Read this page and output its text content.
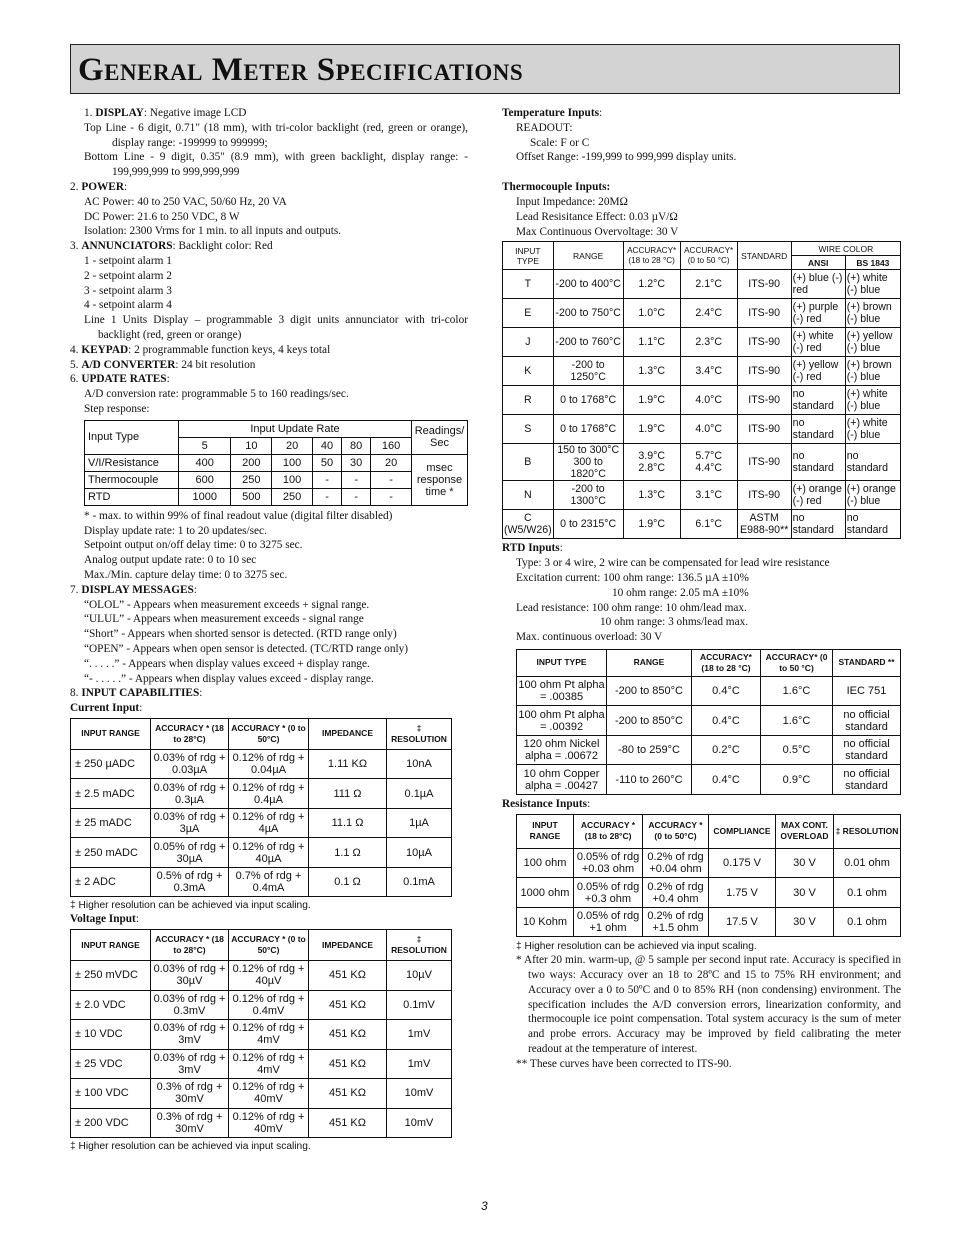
General Meter Specifications
1. DISPLAY: Negative image LCD
Top Line - 6 digit, 0.71" (18 mm), with tri-color backlight (red, green or orange), display range: -199999 to 999999;
Bottom Line - 9 digit, 0.35" (8.9 mm), with green backlight, display range: - 199,999,999 to 999,999,999
2. POWER:
AC Power: 40 to 250 VAC, 50/60 Hz, 20 VA
DC Power: 21.6 to 250 VDC, 8 W
Isolation: 2300 Vrms for 1 min. to all inputs and outputs.
3. ANNUNCIATORS: Backlight color: Red
1 - setpoint alarm 1
2 - setpoint alarm 2
3 - setpoint alarm 3
4 - setpoint alarm 4
Line 1 Units Display – programmable 3 digit units annunciator with tri-color backlight (red, green or orange)
4. KEYPAD: 2 programmable function keys, 4 keys total
5. A/D CONVERTER: 24 bit resolution
6. UPDATE RATES:
A/D conversion rate: programmable 5 to 160 readings/sec.
Step response:
Input Type	Input Update Rate						Readings/ Sec
	5	10	20	40	80	160	
V/I/Resistance	400	200	100	50	30	20	msec response time *
Thermocouple	600	250	100	-	-	-	
RTD	1000	500	250	-	-	-	
* - max. to within 99% of final readout value (digital filter disabled)
Display update rate: 1 to 20 updates/sec.
Setpoint output on/off delay time: 0 to 3275 sec.
Analog output update rate: 0 to 10 sec
Max./Min. capture delay time: 0 to 3275 sec.
7. DISPLAY MESSAGES:
“OLOL” - Appears when measurement exceeds + signal range.
“ULUL” - Appears when measurement exceeds - signal range
“Short” - Appears when shorted sensor is detected. (RTD range only)
“OPEN” - Appears when open sensor is detected. (TC/RTD range only)
“. . . . .” - Appears when display values exceed + display range.
“- . . . . .” - Appears when display values exceed - display range.
8. INPUT CAPABILITIES:
Current Input:
INPUT RANGE	ACCURACY * (18 to 28°C)	ACCURACY * (0 to 50°C)	IMPEDANCE	‡ RESOLUTION
± 250 µADC	0.03% of rdg + 0.03µA	0.12% of rdg + 0.04µA	1.11 KΩ	10nA
± 2.5 mADC	0.03% of rdg + 0.3µA	0.12% of rdg + 0.4µA	111 Ω	0.1µA
± 25 mADC	0.03% of rdg + 3µA	0.12% of rdg + 4µA	11.1 Ω	1µA
± 250 mADC	0.05% of rdg + 30µA	0.12% of rdg + 40µA	1.1 Ω	10µA
± 2 ADC	0.5% of rdg + 0.3mA	0.7% of rdg + 0.4mA	0.1 Ω	0.1mA
‡ Higher resolution can be achieved via input scaling.
Voltage Input:
INPUT RANGE	ACCURACY * (18 to 28°C)	ACCURACY * (0 to 50°C)	IMPEDANCE	‡ RESOLUTION
± 250 mVDC	0.03% of rdg + 30µV	0.12% of rdg + 40µV	451 KΩ	10µV
± 2.0 VDC	0.03% of rdg + 0.3mV	0.12% of rdg + 0.4mV	451 KΩ	0.1mV
± 10 VDC	0.03% of rdg + 3mV	0.12% of rdg + 4mV	451 KΩ	1mV
± 25 VDC	0.03% of rdg + 3mV	0.12% of rdg + 4mV	451 KΩ	1mV
± 100 VDC	0.3% of rdg + 30mV	0.12% of rdg + 40mV	451 KΩ	10mV
± 200 VDC	0.3% of rdg + 30mV	0.12% of rdg + 40mV	451 KΩ	10mV
‡ Higher resolution can be achieved via input scaling.
Temperature Inputs:
READOUT:
Scale: F or C
Offset Range: -199,999 to 999,999 display units.
Thermocouple Inputs:
Input Impedance: 20MΩ
Lead Resisitance Effect: 0.03 µV/Ω
Max Continuous Overvoltage: 30 V
INPUT TYPE	RANGE	ACCURACY* (18 to 28 °C)	ACCURACY* (0 to 50 °C)	STANDARD	WIRE COLOR	
					ANSI	BS 1843
T	-200 to 400°C	1.2°C	2.1°C	ITS-90	(+) blue (-) red	(+) white (-) blue
E	-200 to 750°C	1.0°C	2.4°C	ITS-90	(+) purple (-) red	(+) brown (-) blue
J	-200 to 760°C	1.1°C	2.3°C	ITS-90	(+) white (-) red	(+) yellow (-) blue
K	-200 to 1250°C	1.3°C	3.4°C	ITS-90	(+) yellow (-) red	(+) brown (-) blue
R	0 to 1768°C	1.9°C	4.0°C	ITS-90	no standard	(+) white (-) blue
S	0 to 1768°C	1.9°C	4.0°C	ITS-90	no standard	(+) white (-) blue
B	150 to 300°C 300 to 1820°C	3.9°C 2.8°C	5.7°C 4.4°C	ITS-90	no standard	no standard
N	-200 to 1300°C	1.3°C	3.1°C	ITS-90	(+) orange (-) red	(+) orange (-) blue
C (W5/W26)	0 to 2315°C	1.9°C	6.1°C	ASTM E988-90**	no standard	no standard
RTD Inputs:
Type: 3 or 4 wire, 2 wire can be compensated for lead wire resistance
Excitation current: 100 ohm range: 136.5 µA ±10%
10 ohm range: 2.05 mA ±10%
Lead resistance: 100 ohm range: 10 ohm/lead max.
10 ohm range: 3 ohms/lead max.
Max. continuous overload: 30 V
INPUT TYPE	RANGE	ACCURACY* (18 to 28 °C)	ACCURACY* (0 to 50 °C)	STANDARD **
100 ohm Pt alpha = .00385	-200 to 850°C	0.4°C	1.6°C	IEC 751
100 ohm Pt alpha = .00392	-200 to 850°C	0.4°C	1.6°C	no official standard
120 ohm Nickel alpha = .00672	-80 to 259°C	0.2°C	0.5°C	no official standard
10 ohm Copper alpha = .00427	-110 to 260°C	0.4°C	0.9°C	no official standard
Resistance Inputs:
INPUT RANGE	ACCURACY * (18 to 28°C)	ACCURACY * (0 to 50°C)	COMPLIANCE	MAX CONT. OVERLOAD	‡ RESOLUTION
100 ohm	0.05% of rdg +0.03 ohm	0.2% of rdg +0.04 ohm	0.175 V	30 V	0.01 ohm
1000 ohm	0.05% of rdg +0.3 ohm	0.2% of rdg +0.4 ohm	1.75 V	30 V	0.1 ohm
10 Kohm	0.05% of rdg +1 ohm	0.2% of rdg +1.5 ohm	17.5 V	30 V	0.1 ohm
‡ Higher resolution can be achieved via input scaling.
* After 20 min. warm-up, @ 5 sample per second input rate. Accuracy is specified in two ways: Accuracy over an 18 to 28ºC and 15 to 75% RH environment; and Accuracy over a 0 to 50ºC and 0 to 85% RH (non condensing) environment. The specification includes the A/D conversion errors, linearization conformity, and thermocouple ice point compensation. Total system accuracy is the sum of meter and probe errors. Accuracy may be improved by field calibrating the meter readout at the temperature of interest.
** These curves have been corrected to ITS-90.
3
